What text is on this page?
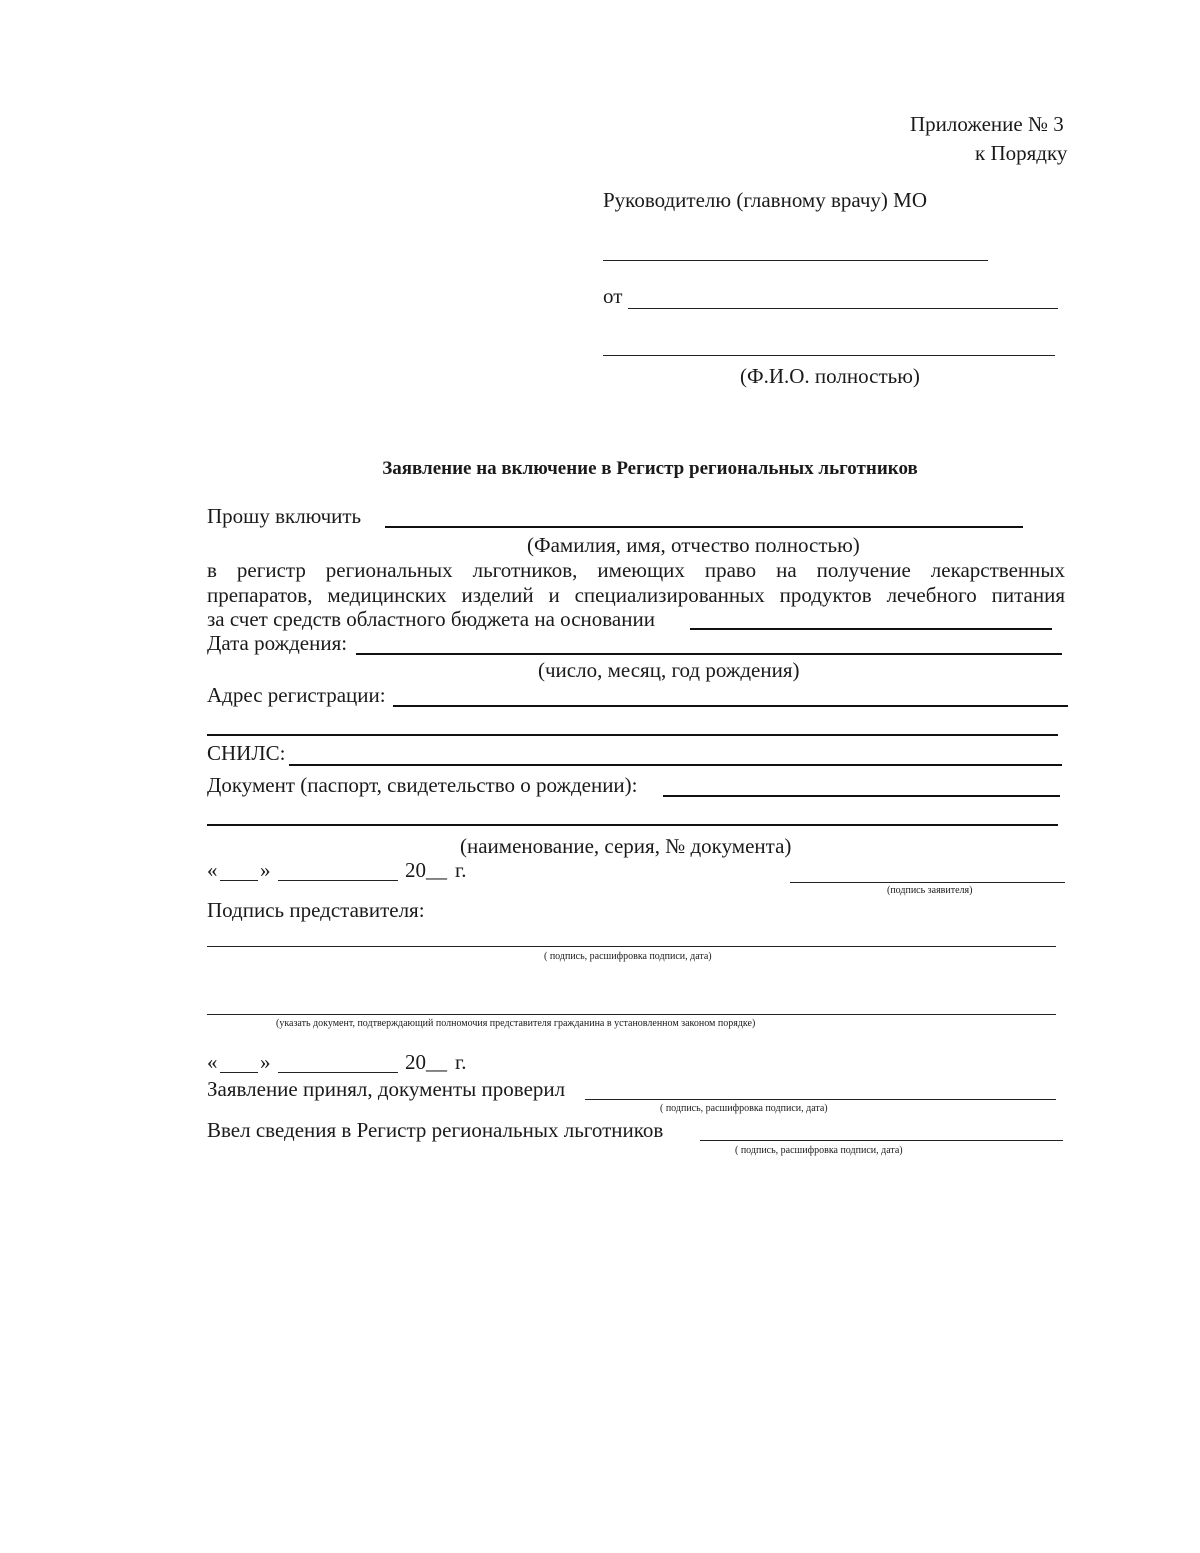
Приложение № 3
к Порядку
Руководителю (главному врачу) МО
от
(Ф.И.О. полностью)
Заявление на включение в Регистр региональных льготников
Прошу включить
(Фамилия, имя, отчество полностью)
в регистр региональных льготников, имеющих право на получение лекарственных
препаратов, медицинских изделий и специализированных продуктов лечебного питания
за счет средств областного бюджета на основании
Дата рождения:
(число, месяц, год рождения)
Адрес регистрации:
СНИЛС:
Документ (паспорт, свидетельство о рождении):
(наименование, серия, № документа)
« »	20__ г.
(подпись заявителя)
Подпись представителя:
( подпись, расшифровка подписи, дата)
(указать документ, подтверждающий полномочия представителя гражданина в установленном законом порядке)
« »	20__ г.
Заявление принял, документы проверил
( подпись, расшифровка подписи, дата)
Ввел сведения в Регистр региональных льготников
( подпись, расшифровка подписи, дата)
